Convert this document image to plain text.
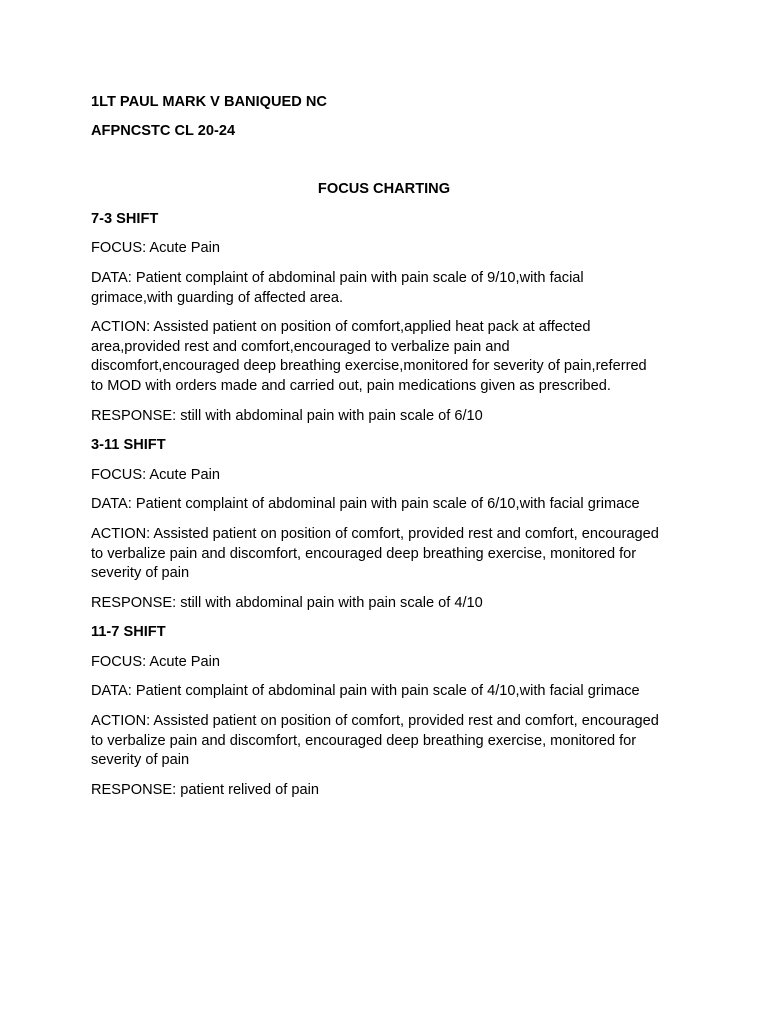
1LT PAUL MARK V BANIQUED NC

AFPNCSTC CL 20-24

FOCUS CHARTING

7-3 SHIFT

FOCUS: Acute Pain

DATA: Patient complaint of abdominal pain with pain scale of 9/10,with facial
grimace,with guarding of affected area.
ACTION: Assisted patient on position of comfort,applied heat pack at affected
area,provided rest and comfort,encouraged to verbalize pain and
discomfort,encouraged deep breathing exercise,monitored for severity of pain,referred
to MOD with orders made and carried out, pain medications given as prescribed.

RESPONSE: still with abdominal pain with pain scale of 6/10

3-11 SHIFT

FOCUS: Acute Pain

DATA: Patient complaint of abdominal pain with pain scale of 6/10,with facial grimace
ACTION: Assisted patient on position of comfort, provided rest and comfort, encouraged
to verbalize pain and discomfort, encouraged deep breathing exercise, monitored for
severity of pain

RESPONSE: still with abdominal pain with pain scale of 4/10

11-7 SHIFT

FOCUS: Acute Pain

DATA: Patient complaint of abdominal pain with pain scale of 4/10,with facial grimace
ACTION: Assisted patient on position of comfort, provided rest and comfort, encouraged
to verbalize pain and discomfort, encouraged deep breathing exercise, monitored for
severity of pain

RESPONSE: patient relived of pain
